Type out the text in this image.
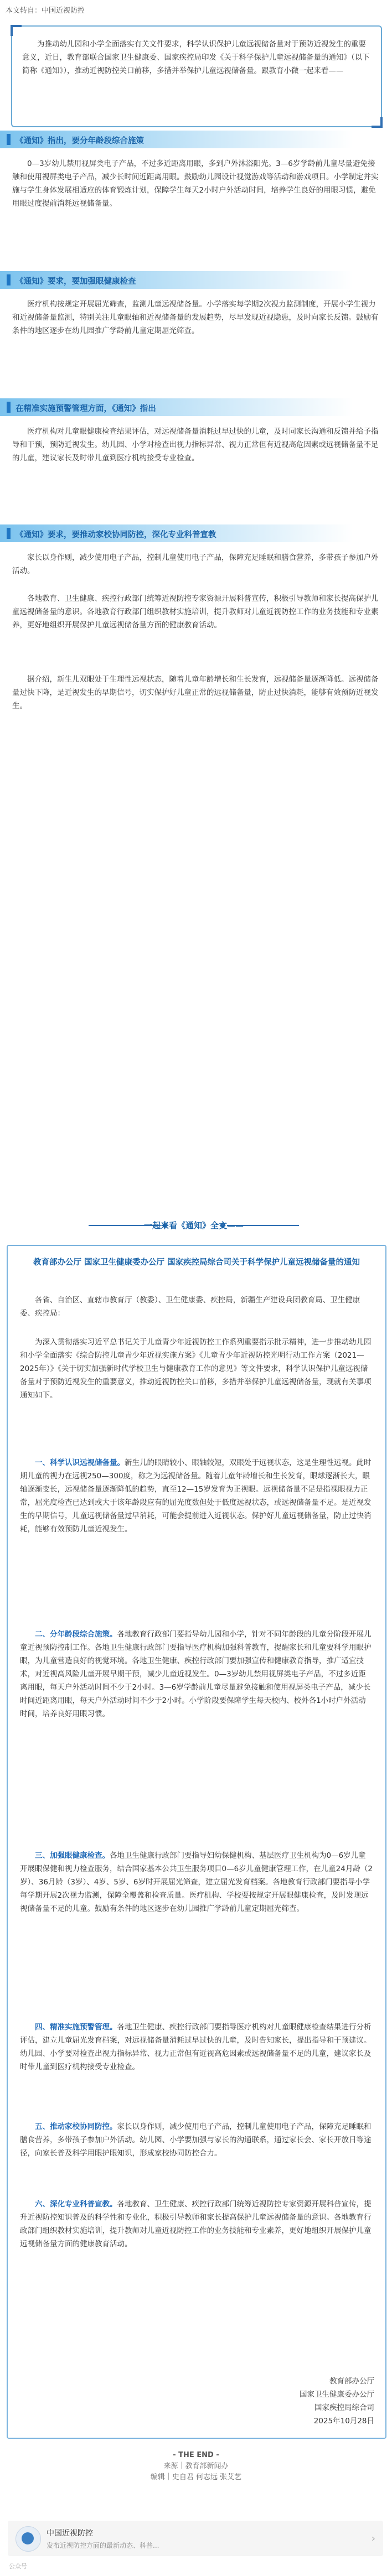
本文转自：中国近视防控

为推动幼儿园和小学全面落实有关文件要求，科学认识保护儿童远视储备量对于预防近视发生的重要意义，近日，教育部联合国家卫生健康委、国家疾控局印发《关于科学保护儿童远视储备量的通知》（以下简称《通知》），推动近视防控关口前移，多措并举保护儿童远视储备量。跟教育小微一起来看——

《通知》指出，要分年龄段综合施策

0—3岁幼儿禁用视屏类电子产品，不过多近距离用眼，多到户外沐浴阳光。3—6岁学龄前儿童尽量避免接触和使用视屏类电子产品，减少长时间近距离用眼。鼓励幼儿园设计视觉游戏等活动和游戏项目。小学制定并实施与学生身体发展相适应的体育锻炼计划，保障学生每天2小时户外活动时间，培养学生良好的用眼习惯，避免用眼过度提前消耗远视储备量。

《通知》要求，要加强眼健康检查

医疗机构按规定开展屈光筛查，监测儿童远视储备量。小学落实每学期2次视力监测制度，开展小学生视力和近视储备量监测，特别关注儿童眼轴和近视储备量的发展趋势，尽早发现近视隐患，及时向家长反馈。鼓励有条件的地区逐步在幼儿园推广学龄前儿童定期屈光筛查。

在精准实施预警管理方面，《通知》指出

医疗机构对儿童眼健康检查结果评估，对远视储备量消耗过早过快的儿童，及时同家长沟通和反馈并给予指导和干预，预防近视发生。幼儿园、小学对检查出视力指标异常、视力正常但有近视高危因素或远视储备量不足的儿童，建议家长及时带儿童到医疗机构接受专业检查。

《通知》要求，要推动家校协同防控，深化专业科普宣教

家长以身作则，减少使用电子产品，控制儿童使用电子产品，保障充足睡眠和膳食营养，多带孩子参加户外活动。

各地教育、卫生健康、疾控行政部门统筹近视防控专家资源开展科普宣传，积极引导教师和家长提高保护儿童远视储备量的意识。各地教育行政部门组织教材实施培训，提升教师对儿童近视防控工作的业务技能和专业素养，更好地组织开展保护儿童远视储备量方面的健康教育活动。

据介绍，新生儿双眼处于生理性远视状态，随着儿童年龄增长和生长发育，远视储备量逐渐降低。远视储备量过快下降，是近视发生的早期信号，切实保护好儿童正常的远视储备量，防止过快消耗，能够有效预防近视发生。

一起来看《通知》全文——
教育部办公厅 国家卫生健康委办公厅 国家疾控局综合司关于科学保护儿童远视储备量的通知

各省、自治区、直辖市教育厅（教委）、卫生健康委、疾控局，新疆生产建设兵团教育局、卫生健康委、疾控局：

为深入贯彻落实习近平总书记关于儿童青少年近视防控工作系列重要指示批示精神，进一步推动幼儿园和小学全面落实《综合防控儿童青少年近视实施方案》《儿童青少年近视防控光明行动工作方案（2021—2025年）》《关于切实加强新时代学校卫生与健康教育工作的意见》等文件要求，科学认识保护儿童远视储备量对于预防近视发生的重要意义，推动近视防控关口前移，多措并举保护儿童远视储备量，现就有关事项通知如下。

一、科学认识远视储备量。新生儿的眼睛较小、眼轴较短，双眼处于远视状态，这是生理性远视。此时期儿童的视力在远视250—300度，称之为远视储备量。随着儿童年龄增长和生长发育，眼球逐渐长大，眼轴逐渐变长，远视储备量逐渐降低的趋势，直至12—15岁发育为正视眼。远视储备量不足是指裸眼视力正常，屈光度检查已达到或大于该年龄段应有的屈光度数但处于低度远视状态，或远视储备量不足。是近视发生的早期信号，儿童远视储备量过早消耗，可能会提前进入近视状态。保护好儿童远视储备量，防止过快消耗，能够有效预防儿童近视发生。

二、分年龄段综合施策。各地教育行政部门要指导幼儿园和小学，针对不同年龄段的儿童分阶段开展儿童近视预防控制工作。各地卫生健康行政部门要指导医疗机构加强科普教育，提醒家长和儿童要科学用眼护眼，为儿童营造良好的视觉环境。各地卫生健康、疾控行政部门要加强宣传和健康教育指导，推广适宜技术，对近视高风险儿童开展早期干预，减少儿童近视发生。0—3岁幼儿禁用视屏类电子产品，不过多近距离用眼，每天户外活动时间不少于2小时。3—6岁学龄前儿童尽量避免接触和使用视屏类电子产品，减少长时间近距离用眼，每天户外活动时间不少于2小时。小学阶段要保障学生每天校内、校外各1小时户外活动时间，培养良好用眼习惯。

三、加强眼健康检查。各地卫生健康行政部门要指导妇幼保健机构、基层医疗卫生机构为0—6岁儿童开展眼保健和视力检查服务，结合国家基本公共卫生服务项目0—6岁儿童健康管理工作，在儿童24月龄（2岁）、36月龄（3岁）、4岁、5岁、6岁时开展屈光筛查，建立屈光发育档案。各地教育行政部门要指导小学每学期开展2次视力监测，保障全覆盖和检查质量。医疗机构、学校要按规定开展眼健康检查，及时发现远视储备量不足的儿童。鼓励有条件的地区逐步在幼儿园推广学龄前儿童定期屈光筛查。

四、精准实施预警管理。各地卫生健康、疾控行政部门要指导医疗机构对儿童眼健康检查结果进行分析评估，建立儿童屈光发育档案，对远视储备量消耗过早过快的儿童，及时告知家长，提出指导和干预建议。幼儿园、小学要对检查出视力指标异常、视力正常但有近视高危因素或远视储备量不足的儿童，建议家长及时带儿童到医疗机构接受专业检查。

五、推动家校协同防控。家长以身作则，减少使用电子产品，控制儿童使用电子产品，保障充足睡眠和膳食营养，多带孩子参加户外活动。幼儿园、小学要加强与家长的沟通联系，通过家长会、家长开放日等途径，向家长普及科学用眼护眼知识，形成家校协同防控合力。

六、深化专业科普宣教。各地教育、卫生健康、疾控行政部门统筹近视防控专家资源开展科普宣传，提升近视防控知识普及的科学性和专业化，积极引导教师和家长提高保护儿童远视储备量的意识。各地教育行政部门组织教材实施培训，提升教师对儿童近视防控工作的业务技能和专业素养，更好地组织开展保护儿童远视储备量方面的健康教育活动。

教育部办公厅
国家卫生健康委办公厅
国家疾控局综合司
2025年10月28日
- THE END -
来源｜教育部新闻办
编辑｜史自君 何志远 张艾艺
中国近视防控
发布近视防控方面的最新动态、科普...
›
公众号
